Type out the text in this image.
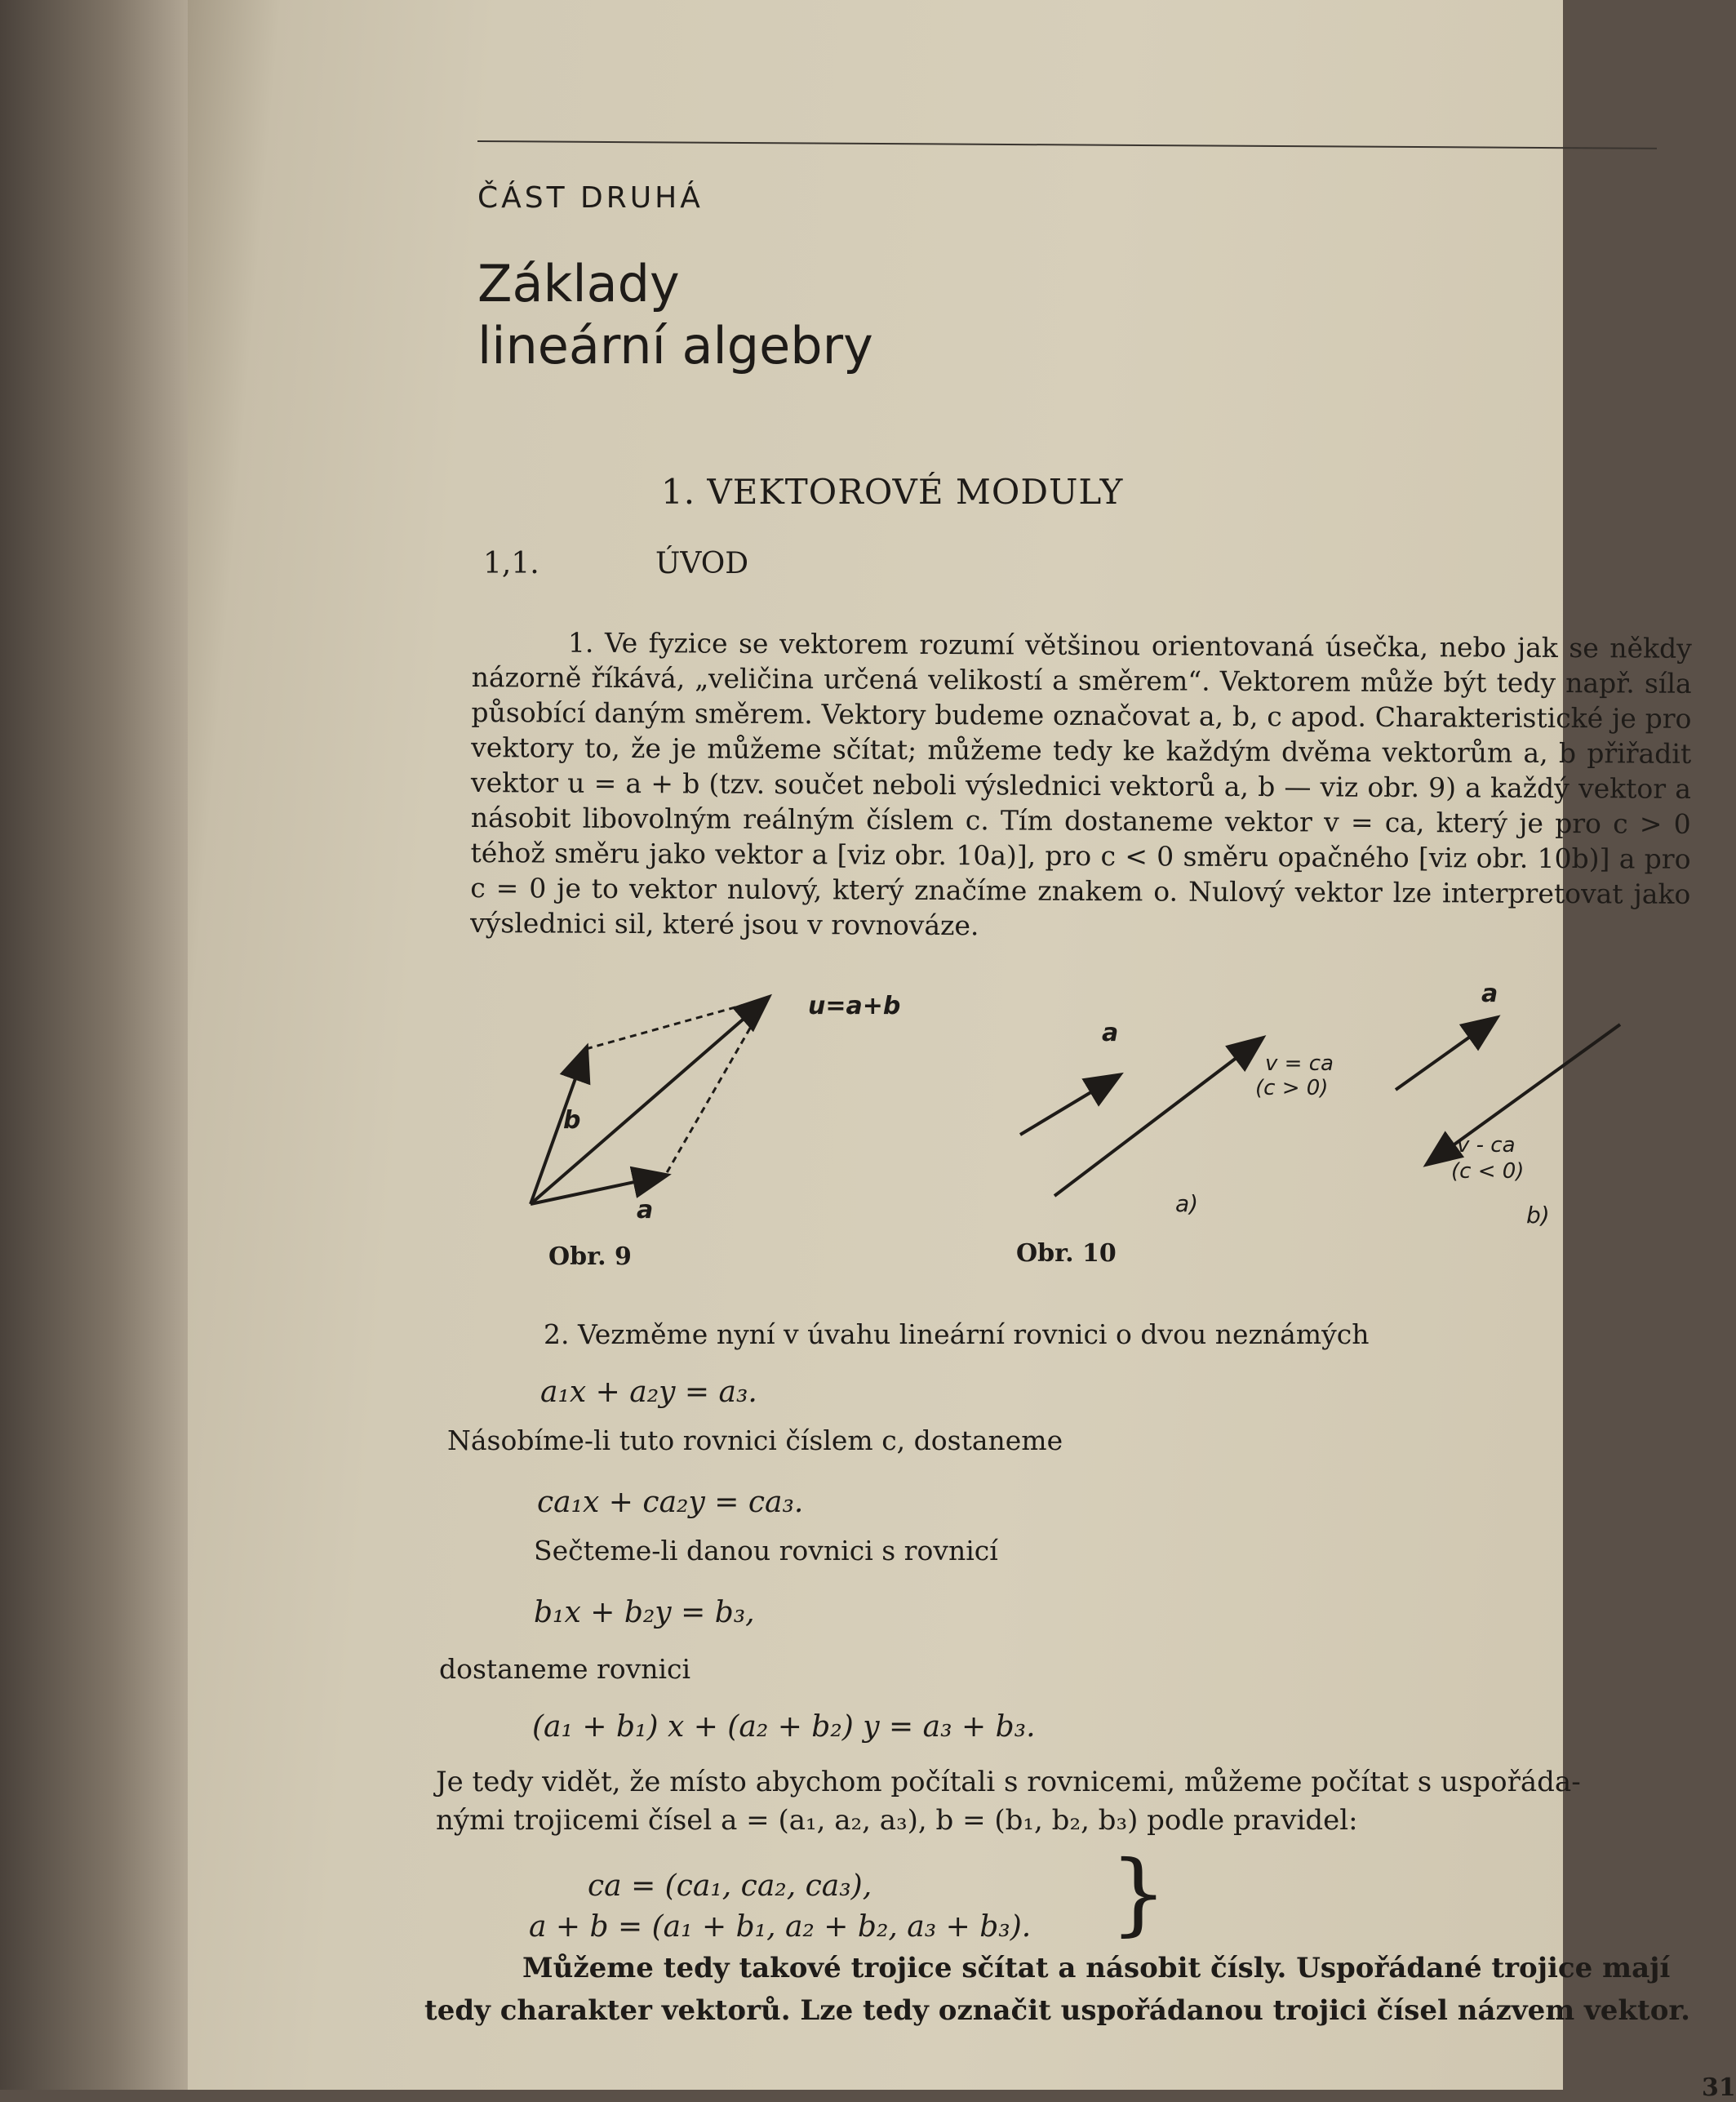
ČÁST DRUHÁ
Základy
lineární algebry
1. VEKTOROVÉ MODULY
1,1.	ÚVOD
1. Ve fyzice se vektorem rozumí většinou orientovaná úsečka, nebo jak se někdy názorně říkává, „veličina určená velikostí a směrem“. Vektorem může být tedy např. síla působící daným směrem. Vektory budeme označovat a, b, c apod. Charakteristické je pro vektory to, že je můžeme sčítat; můžeme tedy ke každým dvěma vektorům a, b přiřadit vektor u = a + b (tzv. součet neboli výslednici vektorů a, b — viz obr. 9) a každý vektor a násobit libovolným reálným číslem c. Tím dostaneme vektor v = ca, který je pro c > 0 téhož směru jako vektor a [viz obr. 10a)], pro c < 0 směru opačného [viz obr. 10b)] a pro c = 0 je to vektor nulový, který značíme znakem o. Nulový vektor lze interpretovat jako výslednici sil, které jsou v rovnováze.
u=a+b
a
b
Obr. 9
a
v = ca
(c > 0)
a)
Obr. 10
a
v - ca
(c < 0)
b)
2. Vezměme nyní v úvahu lineární rovnici o dvou neznámých
a₁x + a₂y = a₃.
Násobíme-li tuto rovnici číslem c, dostaneme
ca₁x + ca₂y = ca₃.
Sečteme-li danou rovnici s rovnicí
b₁x + b₂y = b₃,
dostaneme rovnici
(a₁ + b₁) x + (a₂ + b₂) y = a₃ + b₃.
Je tedy vidět, že místo abychom počítali s rovnicemi, můžeme počítat s uspořáda-
nými trojicemi čísel a = (a₁, a₂, a₃), b = (b₁, b₂, b₃) podle pravidel:
ca = (ca₁, ca₂, ca₃),
a + b = (a₁ + b₁, a₂ + b₂, a₃ + b₃). }
Můžeme tedy takové trojice sčítat a násobit čísly. Uspořádané trojice mají
tedy charakter vektorů. Lze tedy označit uspořádanou trojici čísel názvem vektor.
31
